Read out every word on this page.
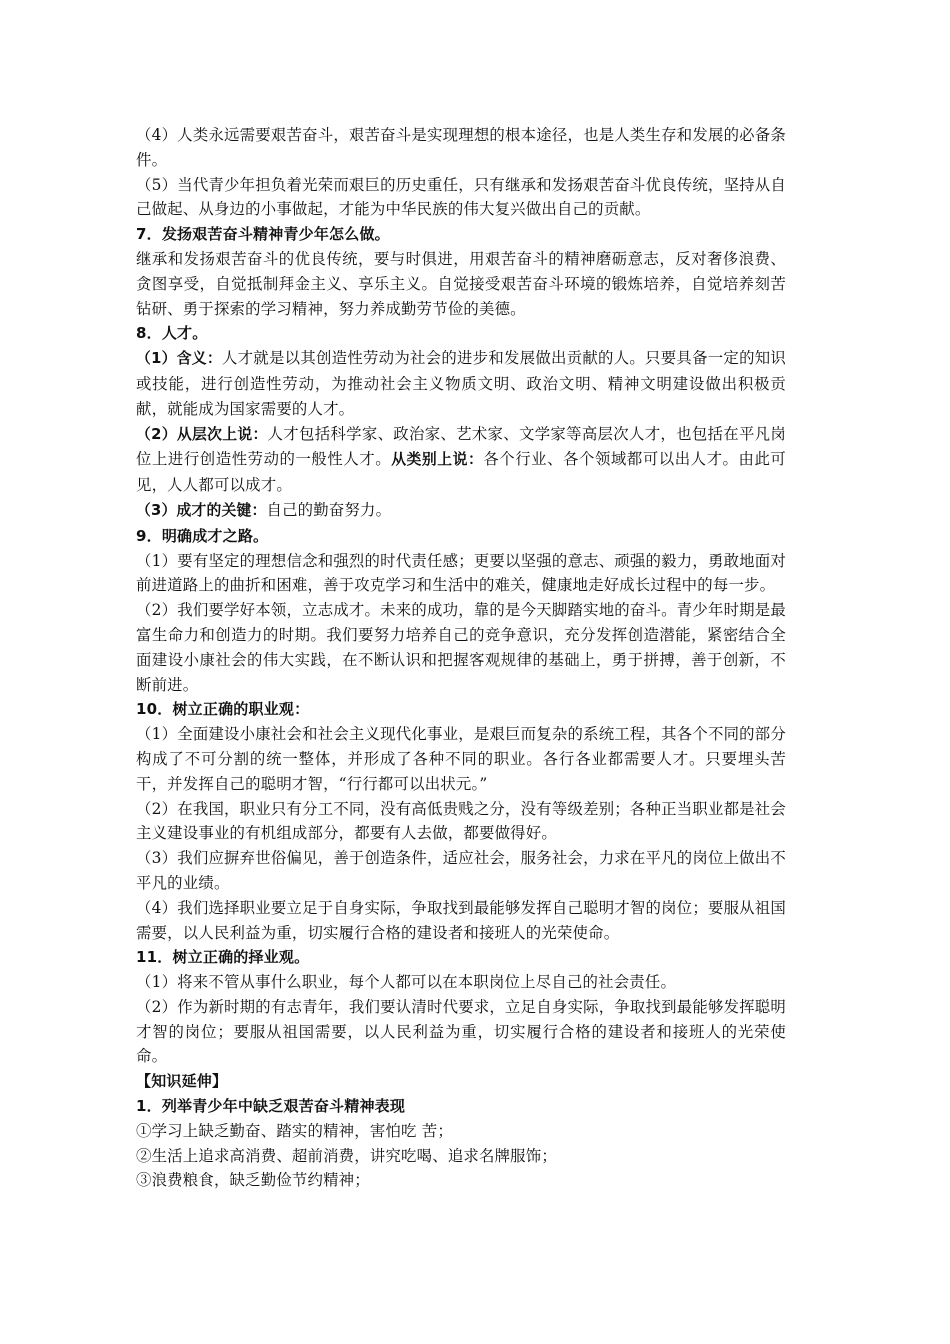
（4）人类永远需要艰苦奋斗，艰苦奋斗是实现理想的根本途径，也是人类生存和发展的必备条件。

（5）当代青少年担负着光荣而艰巨的历史重任，只有继承和发扬艰苦奋斗优良传统，坚持从自己做起、从身边的小事做起，才能为中华民族的伟大复兴做出自己的贡献。

7．发扬艰苦奋斗精神青少年怎么做。

继承和发扬艰苦奋斗的优良传统，要与时俱进，用艰苦奋斗的精神磨砺意志，反对奢侈浪费、贪图享受，自觉抵制拜金主义、享乐主义。自觉接受艰苦奋斗环境的锻炼培养，自觉培养刻苦钻研、勇于探索的学习精神，努力养成勤劳节俭的美德。

8．人才。

（1）含义：人才就是以其创造性劳动为社会的进步和发展做出贡献的人。只要具备一定的知识或技能，进行创造性劳动，为推动社会主义物质文明、政治文明、精神文明建设做出积极贡献，就能成为国家需要的人才。

（2）从层次上说：人才包括科学家、政治家、艺术家、文学家等高层次人才，也包括在平凡岗位上进行创造性劳动的一般性人才。从类别上说：各个行业、各个领域都可以出人才。由此可见，人人都可以成才。

（3）成才的关键：自己的勤奋努力。

9．明确成才之路。

（1）要有坚定的理想信念和强烈的时代责任感；更要以坚强的意志、顽强的毅力，勇敢地面对前进道路上的曲折和困难，善于攻克学习和生活中的难关，健康地走好成长过程中的每一步。

（2）我们要学好本领，立志成才。未来的成功，靠的是今天脚踏实地的奋斗。青少年时期是最富生命力和创造力的时期。我们要努力培养自己的竞争意识，充分发挥创造潜能，紧密结合全面建设小康社会的伟大实践，在不断认识和把握客观规律的基础上，勇于拼搏，善于创新，不断前进。

10．树立正确的职业观：

（1）全面建设小康社会和社会主义现代化事业，是艰巨而复杂的系统工程，其各个不同的部分构成了不可分割的统一整体，并形成了各种不同的职业。各行各业都需要人才。只要埋头苦干，并发挥自己的聪明才智，“行行都可以出状元。”

（2）在我国，职业只有分工不同，没有高低贵贱之分，没有等级差别；各种正当职业都是社会主义建设事业的有机组成部分，都要有人去做，都要做得好。

（3）我们应摒弃世俗偏见，善于创造条件，适应社会，服务社会，力求在平凡的岗位上做出不平凡的业绩。

（4）我们选择职业要立足于自身实际，争取找到最能够发挥自己聪明才智的岗位；要服从祖国需要，以人民利益为重，切实履行合格的建设者和接班人的光荣使命。

11．树立正确的择业观。

（1）将来不管从事什么职业，每个人都可以在本职岗位上尽自己的社会责任。

（2）作为新时期的有志青年，我们要认清时代要求，立足自身实际，争取找到最能够发挥聪明才智的岗位；要服从祖国需要，以人民利益为重，切实履行合格的建设者和接班人的光荣使命。

【知识延伸】

1．列举青少年中缺乏艰苦奋斗精神表现

①学习上缺乏勤奋、踏实的精神，害怕吃 苦；

②生活上追求高消费、超前消费，讲究吃喝、追求名牌服饰；

③浪费粮食，缺乏勤俭节约精神；
